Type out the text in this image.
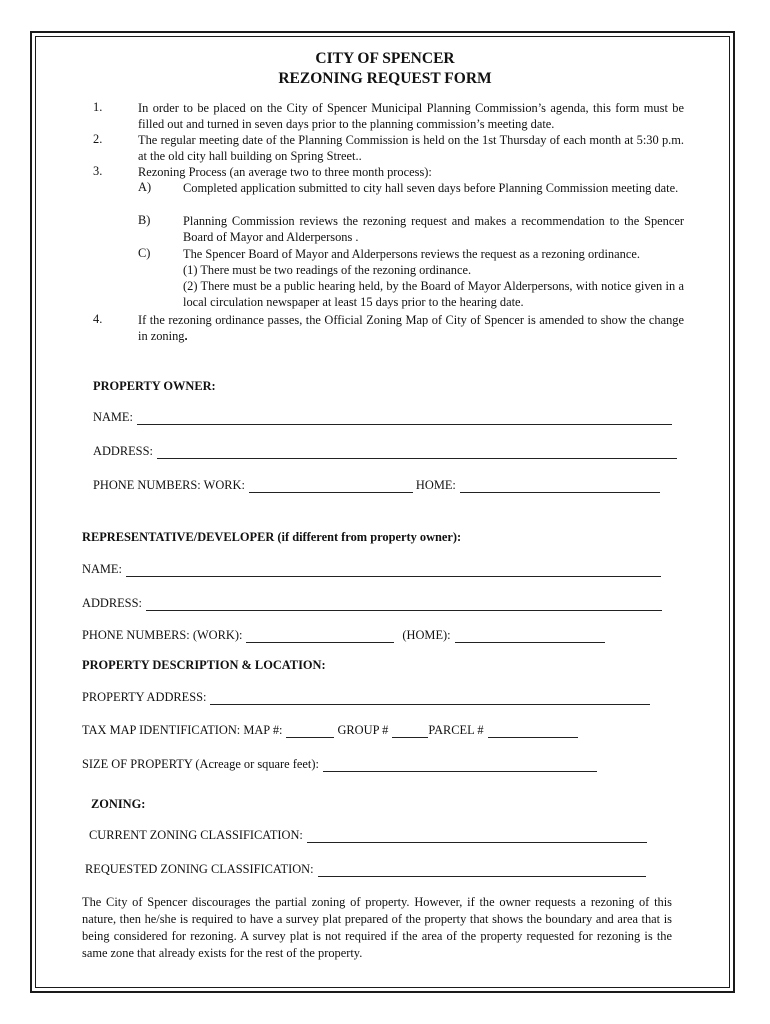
CITY OF SPENCER
REZONING REQUEST FORM
1.	In order to be placed on the City of Spencer Municipal Planning Commission’s agenda, this form must be filled out and turned in seven days prior to the planning commission’s meeting date.
2.	The regular meeting date of the Planning Commission is held on the 1st Thursday of each month at 5:30 p.m. at the old city hall building on Spring Street..
3.	Rezoning Process (an average two to three month process):
A)	Completed application submitted to city hall seven days before Planning Commission meeting date.
B)	Planning Commission reviews the rezoning request and makes a recommendation to the Spencer Board of Mayor and Alderpersons .
C)	The Spencer Board of Mayor and Alderpersons reviews the request as a rezoning ordinance.
(1) There must be two readings of the rezoning ordinance.
(2) There must be a public hearing held, by the Board of Mayor Alderpersons, with notice given in a local circulation newspaper at least 15 days prior to the hearing date.
4.	If the rezoning ordinance passes, the Official Zoning Map of City of Spencer is amended to show the change in zoning.
PROPERTY OWNER:
NAME:
ADDRESS:
PHONE NUMBERS: WORK:	HOME:
REPRESENTATIVE/DEVELOPER (if different from property owner):
NAME:
ADDRESS:
PHONE NUMBERS: (WORK):	(HOME):
PROPERTY DESCRIPTION & LOCATION:
PROPERTY ADDRESS:
TAX MAP IDENTIFICATION: MAP #:	GROUP #	PARCEL #
SIZE OF PROPERTY (Acreage or square feet):
ZONING:
CURRENT ZONING CLASSIFICATION:
REQUESTED ZONING CLASSIFICATION:
The City of Spencer discourages the partial zoning of property. However, if the owner requests a rezoning of this nature, then he/she is required to have a survey plat prepared of the property that shows the boundary and area that is being considered for rezoning. A survey plat is not required if the area of the property requested for rezoning is the same zone that already exists for the rest of the property.
